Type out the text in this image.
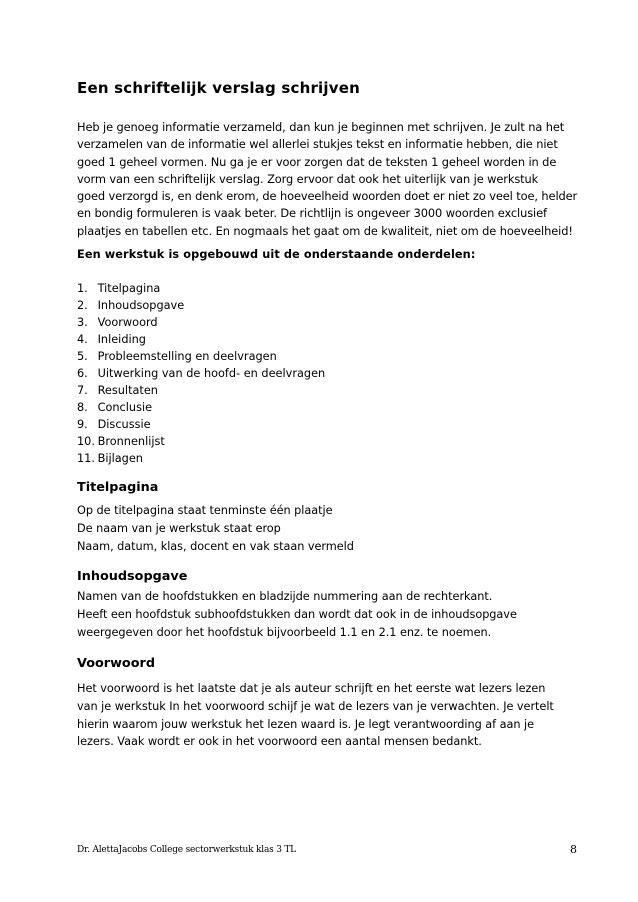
Een schriftelijk verslag schrijven

Heb je genoeg informatie verzameld, dan kun je beginnen met schrijven. Je zult na het
verzamelen van de informatie wel allerlei stukjes tekst en informatie hebben, die niet
goed 1 geheel vormen. Nu ga je er voor zorgen dat de teksten 1 geheel worden in de
vorm van een schriftelijk verslag. Zorg ervoor dat ook het uiterlijk van je werkstuk
goed verzorgd is, en denk erom, de hoeveelheid woorden doet er niet zo veel toe, helder
en bondig formuleren is vaak beter. De richtlijn is ongeveer 3000 woorden exclusief
plaatjes en tabellen etc. En nogmaals het gaat om de kwaliteit, niet om de hoeveelheid!

Een werkstuk is opgebouwd uit de onderstaande onderdelen:

1. Titelpagina
2. Inhoudsopgave
3. Voorwoord
4. Inleiding
5. Probleemstelling en deelvragen
6. Uitwerking van de hoofd- en deelvragen
7. Resultaten
8. Conclusie
9. Discussie
10. Bronnenlijst
11. Bijlagen
Titelpagina

Op de titelpagina staat tenminste één plaatje
De naam van je werkstuk staat erop
Naam, datum, klas, docent en vak staan vermeld

Inhoudsopgave

Namen van de hoofdstukken en bladzijde nummering aan de rechterkant.
Heeft een hoofdstuk subhoofdstukken dan wordt dat ook in de inhoudsopgave
weergegeven door het hoofdstuk bijvoorbeeld 1.1 en 2.1 enz. te noemen.

Voorwoord

Het voorwoord is het laatste dat je als auteur schrijft en het eerste wat lezers lezen
van je werkstuk In het voorwoord schijf je wat de lezers van je verwachten. Je vertelt
hierin waarom jouw werkstuk het lezen waard is. Je legt verantwoording af aan je
lezers. Vaak wordt er ook in het voorwoord een aantal mensen bedankt.

Dr. AlettaJacobs College sectorwerkstuk klas 3 TL	8
